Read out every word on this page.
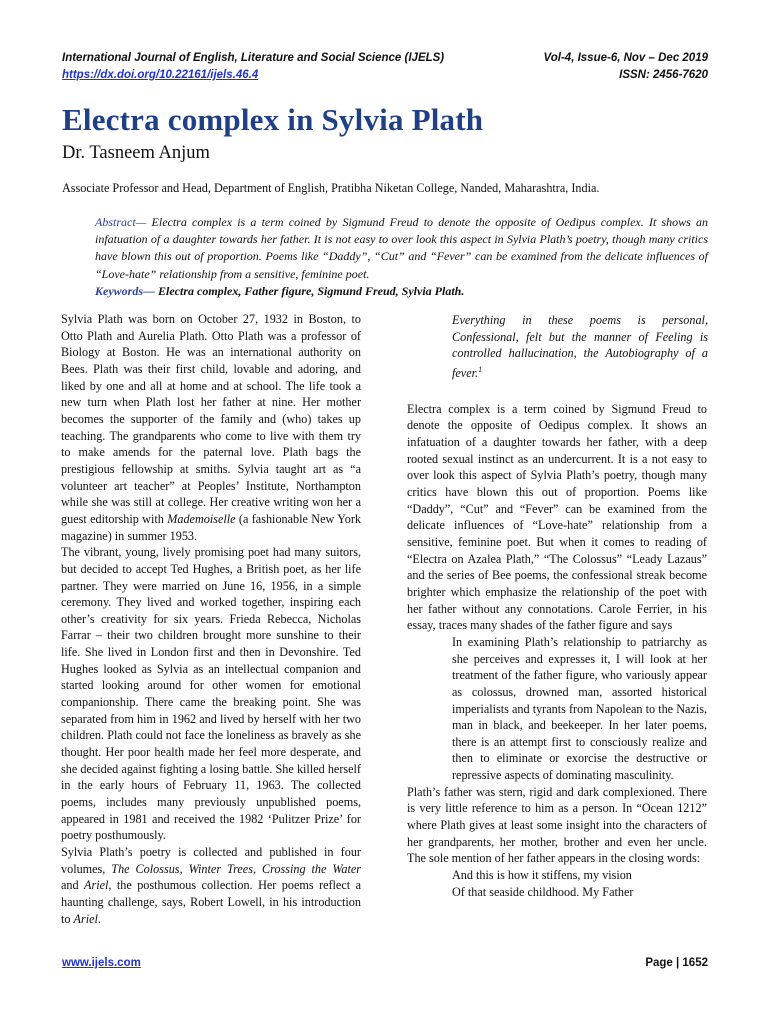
International Journal of English, Literature and Social Science (IJELS)	Vol-4, Issue-6, Nov – Dec 2019
https://dx.doi.org/10.22161/ijels.46.4	ISSN: 2456-7620
Electra complex in Sylvia Plath
Dr. Tasneem Anjum
Associate Professor and Head, Department of English, Pratibha Niketan College, Nanded, Maharashtra, India.
Abstract— Electra complex is a term coined by Sigmund Freud to denote the opposite of Oedipus complex. It shows an infatuation of a daughter towards her father. It is not easy to over look this aspect in Sylvia Plath’s poetry, though many critics have blown this out of proportion. Poems like “Daddy”, “Cut” and “Fever” can be examined from the delicate influences of “Love-hate” relationship from a sensitive, feminine poet.
Keywords— Electra complex, Father figure, Sigmund Freud, Sylvia Plath.

Sylvia Plath was born on October 27, 1932 in Boston, to Otto Plath and Aurelia Plath. Otto Plath was a professor of Biology at Boston. He was an international authority on Bees. Plath was their first child, lovable and adoring, and liked by one and all at home and at school. The life took a new turn when Plath lost her father at nine. Her mother becomes the supporter of the family and (who) takes up teaching. The grandparents who come to live with them try to make amends for the paternal love. Plath bags the prestigious fellowship at smiths. Sylvia taught art as “a volunteer art teacher” at Peoples’ Institute, Northampton while she was still at college. Her creative writing won her a guest editorship with Mademoiselle (a fashionable New York magazine) in summer 1953.

The vibrant, young, lively promising poet had many suitors, but decided to accept Ted Hughes, a British poet, as her life partner. They were married on June 16, 1956, in a simple ceremony. They lived and worked together, inspiring each other’s creativity for six years. Frieda Rebecca, Nicholas Farrar – their two children brought more sunshine to their life. She lived in London first and then in Devonshire. Ted Hughes looked as Sylvia as an intellectual companion and started looking around for other women for emotional companionship. There came the breaking point. She was separated from him in 1962 and lived by herself with her two children. Plath could not face the loneliness as bravely as she thought. Her poor health made her feel more desperate, and she decided against fighting a losing battle. She killed herself in the early hours of February 11, 1963. The collected poems, includes many previously unpublished poems, appeared in 1981 and received the 1982 ‘Pulitzer Prize’ for poetry posthumously.

Sylvia Plath’s poetry is collected and published in four volumes, The Colossus, Winter Trees, Crossing the Water and Ariel, the posthumous collection. Her poems reflect a haunting challenge, says, Robert Lowell, in his introduction to Ariel.

Everything in these poems is personal, Confessional, felt but the manner of Feeling is controlled hallucination, the Autobiography of a fever.$^1$

Electra complex is a term coined by Sigmund Freud to denote the opposite of Oedipus complex. It shows an infatuation of a daughter towards her father, with a deep rooted sexual instinct as an undercurrent. It is a not easy to over look this aspect of Sylvia Plath’s poetry, though many critics have blown this out of proportion. Poems like “Daddy”, “Cut” and “Fever” can be examined from the delicate influences of “Love-hate” relationship from a sensitive, feminine poet. But when it comes to reading of “Electra on Azalea Plath,” “The Colossus” “Leady Lazaus” and the series of Bee poems, the confessional streak become brighter which emphasize the relationship of the poet with her father without any connotations. Carole Ferrier, in his essay, traces many shades of the father figure and says

In examining Plath’s relationship to patriarchy as she perceives and expresses it, I will look at her treatment of the father figure, who variously appear as colossus, drowned man, assorted historical imperialists and tyrants from Napolean to the Nazis, man in black, and beekeeper. In her later poems, there is an attempt first to consciously realize and then to eliminate or exorcise the destructive or repressive aspects of dominating masculinity.

Plath’s father was stern, rigid and dark complexioned. There is very little reference to him as a person. In “Ocean 1212” where Plath gives at least some insight into the characters of her grandparents, her mother, brother and even her uncle. The sole mention of her father appears in the closing words:

And this is how it stiffens, my vision

Of that seaside childhood. My Father

www.ijels.com	Page | 1652
